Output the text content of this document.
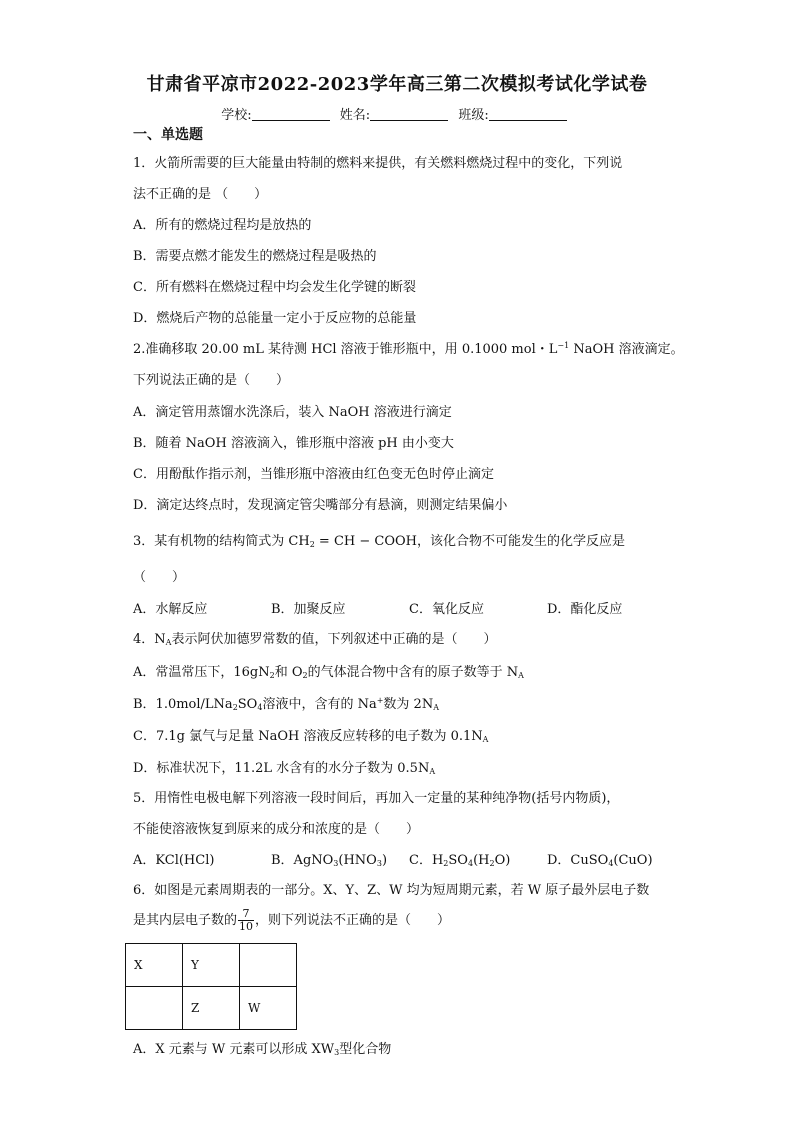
甘肃省平凉市2022-2023学年高三第二次模拟考试化学试卷
学校:	姓名:	班级:
一、单选题
1．火箭所需要的巨大能量由特制的燃料来提供，有关燃料燃烧过程中的变化，下列说
法不正确的是 （　　）
A．所有的燃烧过程均是放热的
B．需要点燃才能发生的燃烧过程是吸热的
C．所有燃料在燃烧过程中均会发生化学键的断裂
D．燃烧后产物的总能量一定小于反应物的总能量
2.准确移取 20.00 mL 某待测 HCl 溶液于锥形瓶中，用 0.1000 mol・$L^{-1}$ NaOH 溶液滴定。
下列说法正确的是（　　）
A．滴定管用蒸馏水洗涤后，装入 NaOH 溶液进行滴定
B．随着 NaOH 溶液滴入，锥形瓶中溶液 pH 由小变大
C．用酚酞作指示剂，当锥形瓶中溶液由红色变无色时停止滴定
D．滴定达终点时，发现滴定管尖嘴部分有悬滴，则测定结果偏小
3．某有机物的结构简式为 $CH_2$ = CH − COOH，该化合物不可能发生的化学反应是
（　　）
A．水解反应	B．加聚反应	C．氧化反应	D．酯化反应
4．$N_A$表示阿伏加德罗常数的值，下列叙述中正确的是（　　）
A．常温常压下，$16gN_2$和 $O_2$的气体混合物中含有的原子数等于 $N_A$
B．$1.0mol/LNa_2SO_4$溶液中，含有的 Na+数为 $2N_A$
C．7.1g 氯气与足量 NaOH 溶液反应转移的电子数为 $0.1N_A$
D．标准状况下，11.2L 水含有的水分子数为 $0.5N_A$
5．用惰性电极电解下列溶液一段时间后，再加入一定量的某种纯净物(括号内物质)，
不能使溶液恢复到原来的成分和浓度的是（　　）
A．KCl(HCl)	B．$AgNO_3(HNO_3)$ C．$H_2SO_4(H_2O)$	D．CuSO$_4$(CuO)
6．如图是元素周期表的一部分。X、Y、Z、W 均为短周期元素，若 W 原子最外层电子数
是其内层电子数的 $\frac{7}{10}$ ，则下列说法不正确的是（　　）
X	Y	
	Z	W
A．X 元素与 W 元素可以形成 $XW_3$型化合物
